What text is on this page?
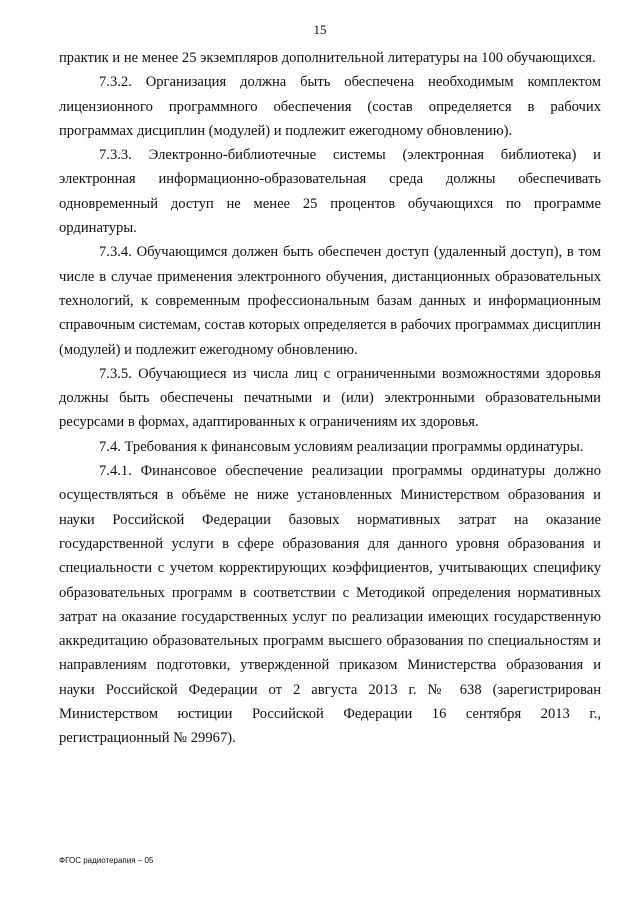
15

практик и не менее 25 экземпляров дополнительной литературы на 100 обучающихся.

7.3.2. Организация должна быть обеспечена необходимым комплектом лицензионного программного обеспечения (состав определяется в рабочих программах дисциплин (модулей) и подлежит ежегодному обновлению).

7.3.3. Электронно-библиотечные системы (электронная библиотека) и электронная информационно-образовательная среда должны обеспечивать одновременный доступ не менее 25 процентов обучающихся по программе ординатуры.

7.3.4. Обучающимся должен быть обеспечен доступ (удаленный доступ), в том числе в случае применения электронного обучения, дистанционных образовательных технологий, к современным профессиональным базам данных и информационным справочным системам, состав которых определяется в рабочих программах дисциплин (модулей) и подлежит ежегодному обновлению.

7.3.5. Обучающиеся из числа лиц с ограниченными возможностями здоровья должны быть обеспечены печатными и (или) электронными образовательными ресурсами в формах, адаптированных к ограничениям их здоровья.

7.4. Требования к финансовым условиям реализации программы ординатуры.

7.4.1. Финансовое обеспечение реализации программы ординатуры должно осуществляться в объёме не ниже установленных Министерством образования и науки Российской Федерации базовых нормативных затрат на оказание государственной услуги в сфере образования для данного уровня образования и специальности с учетом корректирующих коэффициентов, учитывающих специфику образовательных программ в соответствии с Методикой определения нормативных затрат на оказание государственных услуг по реализации имеющих государственную аккредитацию образовательных программ высшего образования по специальностям и направлениям подготовки, утвержденной приказом Министерства образования и науки Российской Федерации от 2 августа 2013 г. № 638 (зарегистрирован Министерством юстиции Российской Федерации 16 сентября 2013 г., регистрационный № 29967).

ФГОС радиотерапия – 05
